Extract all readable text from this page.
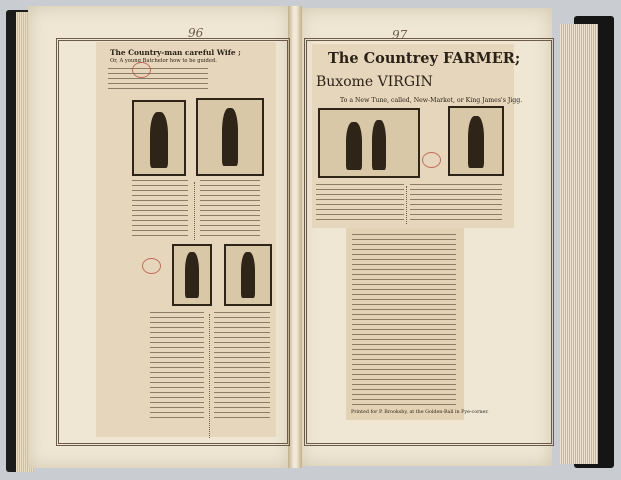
96	97
The Country-man careful Wife ;
Or, A young Batchelor how to be guided.	The Countrey FARMER;
Buxome VIRGIN
To a New Tune, called, New-Market, or King James's Jigg.
Printed for P. Brooksby, at the Golden-Ball in Pye-corner.
